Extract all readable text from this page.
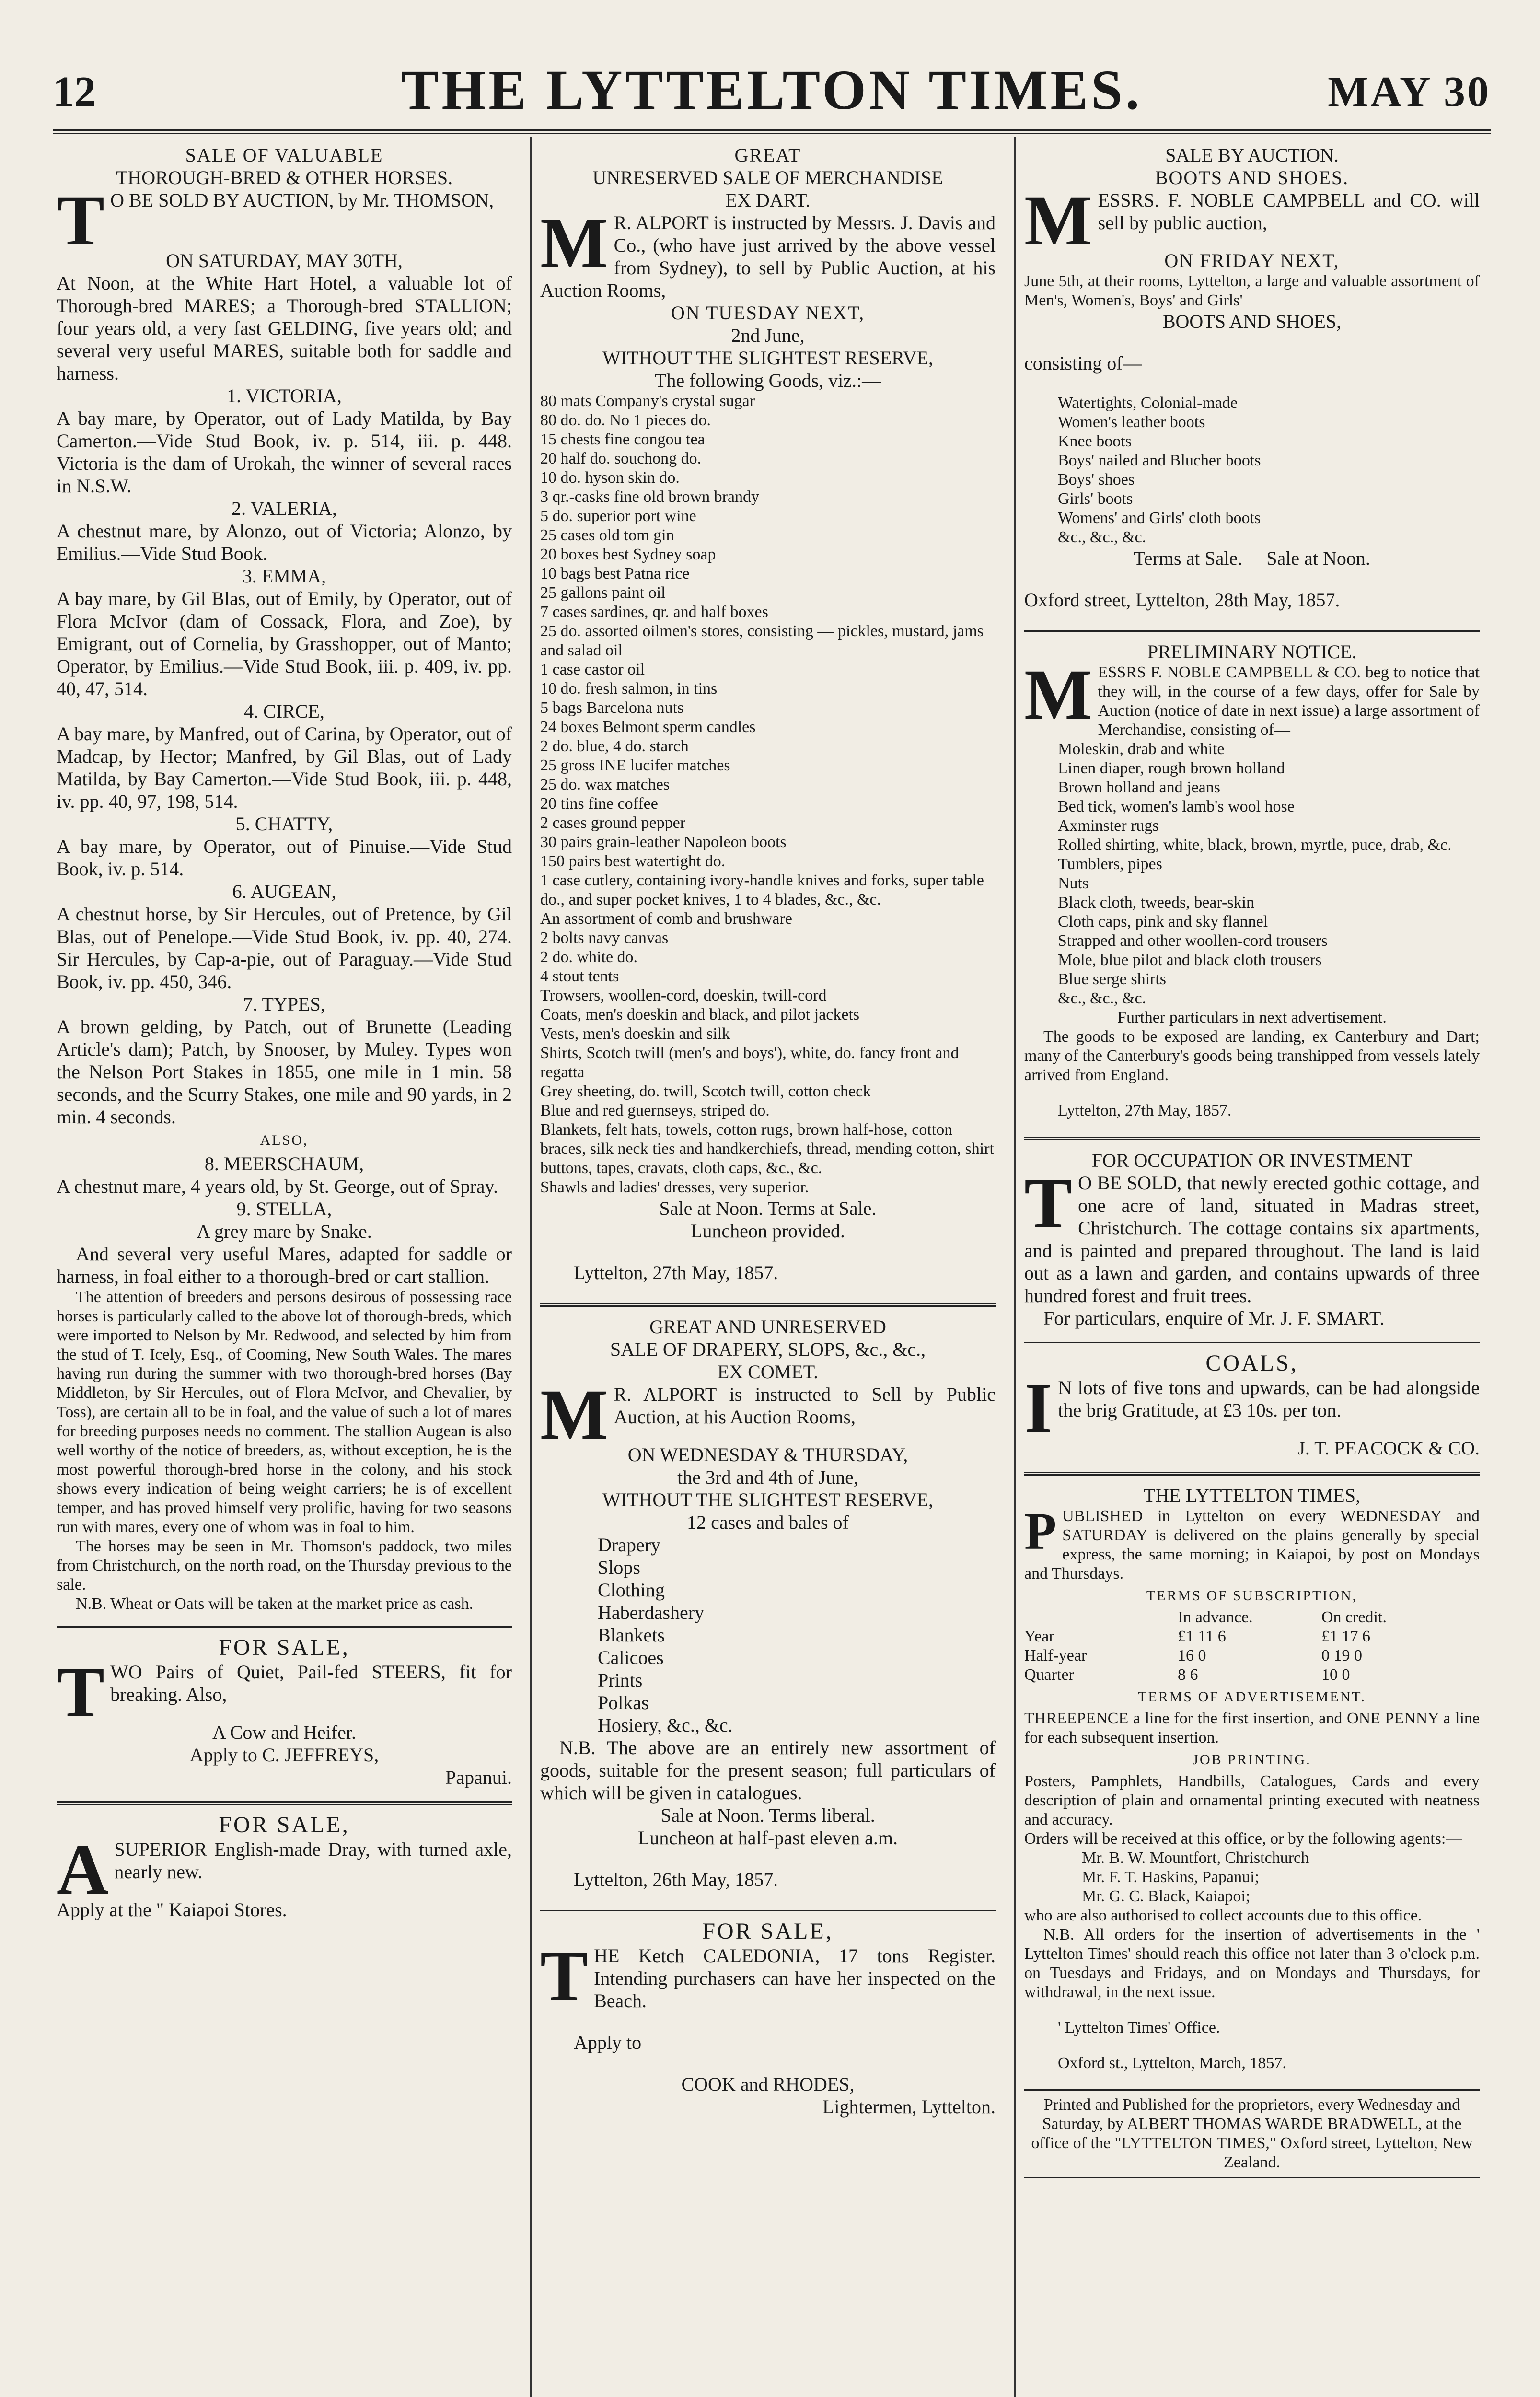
12	THE LYTTELTON TIMES.	MAY 30

SALE OF VALUABLE

THOROUGH-BRED & OTHER HORSES.

T O BE SOLD BY AUCTION, by Mr. THOMSON,

ON SATURDAY, MAY 30TH,

At Noon, at the White Hart Hotel, a valuable lot of Thorough-bred MARES; a Thorough-bred STALLION; four years old, a very fast GELDING, five years old; and several very useful MARES, suitable both for saddle and harness.

1. VICTORIA,

A bay mare, by Operator, out of Lady Matilda, by Bay Camerton.—Vide Stud Book, iv. p. 514, iii. p. 448. Victoria is the dam of Urokah, the winner of several races in N.S.W.

2. VALERIA,

A chestnut mare, by Alonzo, out of Victoria; Alonzo, by Emilius.—Vide Stud Book.

3. EMMA,

A bay mare, by Gil Blas, out of Emily, by Operator, out of Flora McIvor (dam of Cossack, Flora, and Zoe), by Emigrant, out of Cornelia, by Grasshopper, out of Manto; Operator, by Emilius.—Vide Stud Book, iii. p. 409, iv. pp. 40, 47, 514.

4. CIRCE,

A bay mare, by Manfred, out of Carina, by Operator, out of Madcap, by Hector; Manfred, by Gil Blas, out of Lady Matilda, by Bay Camerton.—Vide Stud Book, iii. p. 448, iv. pp. 40, 97, 198, 514.

5. CHATTY,

A bay mare, by Operator, out of Pinuise.—Vide Stud Book, iv. p. 514.

6. AUGEAN,

A chestnut horse, by Sir Hercules, out of Pretence, by Gil Blas, out of Penelope.—Vide Stud Book, iv. pp. 40, 274. Sir Hercules, by Cap-a-pie, out of Paraguay.—Vide Stud Book, iv. pp. 450, 346.

7. TYPES,

A brown gelding, by Patch, out of Brunette (Leading Article's dam); Patch, by Snooser, by Muley. Types won the Nelson Port Stakes in 1855, one mile in 1 min. 58 seconds, and the Scurry Stakes, one mile and 90 yards, in 2 min. 4 seconds.

ALSO,

8. MEERSCHAUM,

A chestnut mare, 4 years old, by St. George, out of Spray.

9. STELLA,

A grey mare by Snake.

And several very useful Mares, adapted for saddle or harness, in foal either to a thorough-bred or cart stallion.

The attention of breeders and persons desirous of possessing race horses is particularly called to the above lot of thorough-breds, which were imported to Nelson by Mr. Redwood, and selected by him from the stud of T. Icely, Esq., of Cooming, New South Wales. The mares having run during the summer with two thorough-bred horses (Bay Middleton, by Sir Hercules, out of Flora McIvor, and Chevalier, by Toss), are certain all to be in foal, and the value of such a lot of mares for breeding purposes needs no comment. The stallion Augean is also well worthy of the notice of breeders, as, without exception, he is the most powerful thorough-bred horse in the colony, and his stock shows every indication of being weight carriers; he is of excellent temper, and has proved himself very prolific, having for two seasons run with mares, every one of whom was in foal to him.

The horses may be seen in Mr. Thomson's paddock, two miles from Christchurch, on the north road, on the Thursday previous to the sale.

N.B. Wheat or Oats will be taken at the market price as cash.

FOR SALE,

TWO Pairs of Quiet, Pail-fed STEERS, fit for breaking. Also,

A Cow and Heifer.

Apply to C. JEFFREYS,

Papanui.

FOR SALE,

ASUPERIOR English-made Dray, with turned axle, nearly new.

Apply at the " Kaiapoi Stores.

GREAT

UNRESERVED SALE OF MERCHANDISE

EX DART.

M R. ALPORT is instructed by Messrs. J. Davis and Co., (who have just arrived by the above vessel from Sydney), to sell by Public Auction, at his Auction Rooms,

ON TUESDAY NEXT,

2nd June,

WITHOUT THE SLIGHTEST RESERVE,

The following Goods, viz.:—

80 mats Company's crystal sugar
80 do. do. No 1 pieces do.
15 chests fine congou tea
20 half do. souchong do.
10 do. hyson skin do.
3 qr.-casks fine old brown brandy
5 do. superior port wine
25 cases old tom gin
20 boxes best Sydney soap
10 bags best Patna rice
25 gallons paint oil
7 cases sardines, qr. and half boxes
25 do. assorted oilmen's stores, consisting — pickles, mustard, jams and salad oil
1 case castor oil
10 do. fresh salmon, in tins
5 bags Barcelona nuts
24 boxes Belmont sperm candles
2 do. blue, 4 do. starch
25 gross INE lucifer matches
25 do. wax matches
20 tins fine coffee
2 cases ground pepper
30 pairs grain-leather Napoleon boots
150 pairs best watertight do.
1 case cutlery, containing ivory-handle knives and forks, super table do., and super pocket knives, 1 to 4 blades, &c., &c.
An assortment of comb and brushware
2 bolts navy canvas
2 do. white do.
4 stout tents
Trowsers, woollen-cord, doeskin, twill-cord
Coats, men's doeskin and black, and pilot jackets
Vests, men's doeskin and silk
Shirts, Scotch twill (men's and boys'), white, do. fancy front and regatta
Grey sheeting, do. twill, Scotch twill, cotton check
Blue and red guernseys, striped do.
Blankets, felt hats, towels, cotton rugs, brown half-hose, cotton braces, silk neck ties and handkerchiefs, thread, mending cotton, shirt buttons, tapes, cravats, cloth caps, &c., &c.
Shawls and ladies' dresses, very superior.

Sale at Noon. Terms at Sale.

Luncheon provided.

Lyttelton, 27th May, 1857.

GREAT AND UNRESERVED

SALE OF DRAPERY, SLOPS, &c., &c.,

EX COMET.

M R. ALPORT is instructed to Sell by Public Auction, at his Auction Rooms,

ON WEDNESDAY & THURSDAY,

the 3rd and 4th of June,

WITHOUT THE SLIGHTEST RESERVE,

12 cases and bales of

Drapery
Slops
Clothing
Haberdashery
Blankets
Calicoes
Prints
Polkas
Hosiery, &c., &c.

N.B. The above are an entirely new assortment of goods, suitable for the present season; full particulars of which will be given in catalogues.

Sale at Noon. Terms liberal.

Luncheon at half-past eleven a.m.

Lyttelton, 26th May, 1857.

FOR SALE,

THE Ketch CALEDONIA, 17 tons Register. Intending purchasers can have her inspected on the Beach.

Apply to

COOK and RHODES,

Lightermen, Lyttelton.

SALE BY AUCTION.

BOOTS AND SHOES.

MESSRS. F. NOBLE CAMPBELL and CO. will sell by public auction,

ON FRIDAY NEXT,

June 5th, at their rooms, Lyttelton, a large and valuable assortment of Men's, Women's, Boys' and Girls'

BOOTS AND SHOES,

consisting of—

Watertights, Colonial-made
Women's leather boots
Knee boots
Boys' nailed and Blucher boots
Boys' shoes
Girls' boots
Womens' and Girls' cloth boots
&c., &c., &c.

Terms at Sale.     Sale at Noon.

Oxford street, Lyttelton, 28th May, 1857.

PRELIMINARY NOTICE.

MESSRS F. NOBLE CAMPBELL & CO. beg to notice that they will, in the course of a few days, offer for Sale by Auction (notice of date in next issue) a large assortment of Merchandise, consisting of—

Moleskin, drab and white
Linen diaper, rough brown holland
Brown holland and jeans
Bed tick, women's lamb's wool hose
Axminster rugs
Rolled shirting, white, black, brown, myrtle, puce, drab, &c.
Tumblers, pipes
Nuts
Black cloth, tweeds, bear-skin
Cloth caps, pink and sky flannel
Strapped and other woollen-cord trousers
Mole, blue pilot and black cloth trousers
Blue serge shirts
&c., &c., &c.

Further particulars in next advertisement.

The goods to be exposed are landing, ex Canterbury and Dart; many of the Canterbury's goods being transhipped from vessels lately arrived from England.

Lyttelton, 27th May, 1857.

FOR OCCUPATION OR INVESTMENT

T O BE SOLD, that newly erected gothic cottage, and one acre of land, situated in Madras street, Christchurch. The cottage contains six apartments, and is painted and prepared throughout. The land is laid out as a lawn and garden, and contains upwards of three hundred forest and fruit trees.

For particulars, enquire of Mr. J. F. SMART.

COALS,

I N lots of five tons and upwards, can be had alongside the brig Gratitude, at £3 10s. per ton.

J. T. PEACOCK & CO.

THE LYTTELTON TIMES,

PUBLISHED in Lyttelton on every WEDNESDAY and SATURDAY is delivered on the plains generally by special express, the same morning; in Kaiapoi, by post on Mondays and Thursdays.

TERMS OF SUBSCRIPTION,

In advance.	On credit.
Year	£1 11 6	£1 17 6
Half-year	16 0	0 19 0
Quarter	8 6	10 0

TERMS OF ADVERTISEMENT.

THREEPENCE a line for the first insertion, and ONE PENNY a line for each subsequent insertion.

JOB PRINTING.

Posters, Pamphlets, Handbills, Catalogues, Cards and every description of plain and ornamental printing executed with neatness and accuracy.

Orders will be received at this office, or by the following agents:—

Mr. B. W. Mountfort, Christchurch
Mr. F. T. Haskins, Papanui;
Mr. G. C. Black, Kaiapoi;

who are also authorised to collect accounts due to this office.

N.B. All orders for the insertion of advertisements in the ' Lyttelton Times' should reach this office not later than 3 o'clock p.m. on Tuesdays and Fridays, and on Mondays and Thursdays, for withdrawal, in the next issue.

' Lyttelton Times' Office.

Oxford st., Lyttelton, March, 1857.

Printed and Published for the proprietors, every Wednesday and Saturday, by ALBERT THOMAS WARDE BRADWELL, at the office of the "LYTTELTON TIMES," Oxford street, Lyttelton, New Zealand.
